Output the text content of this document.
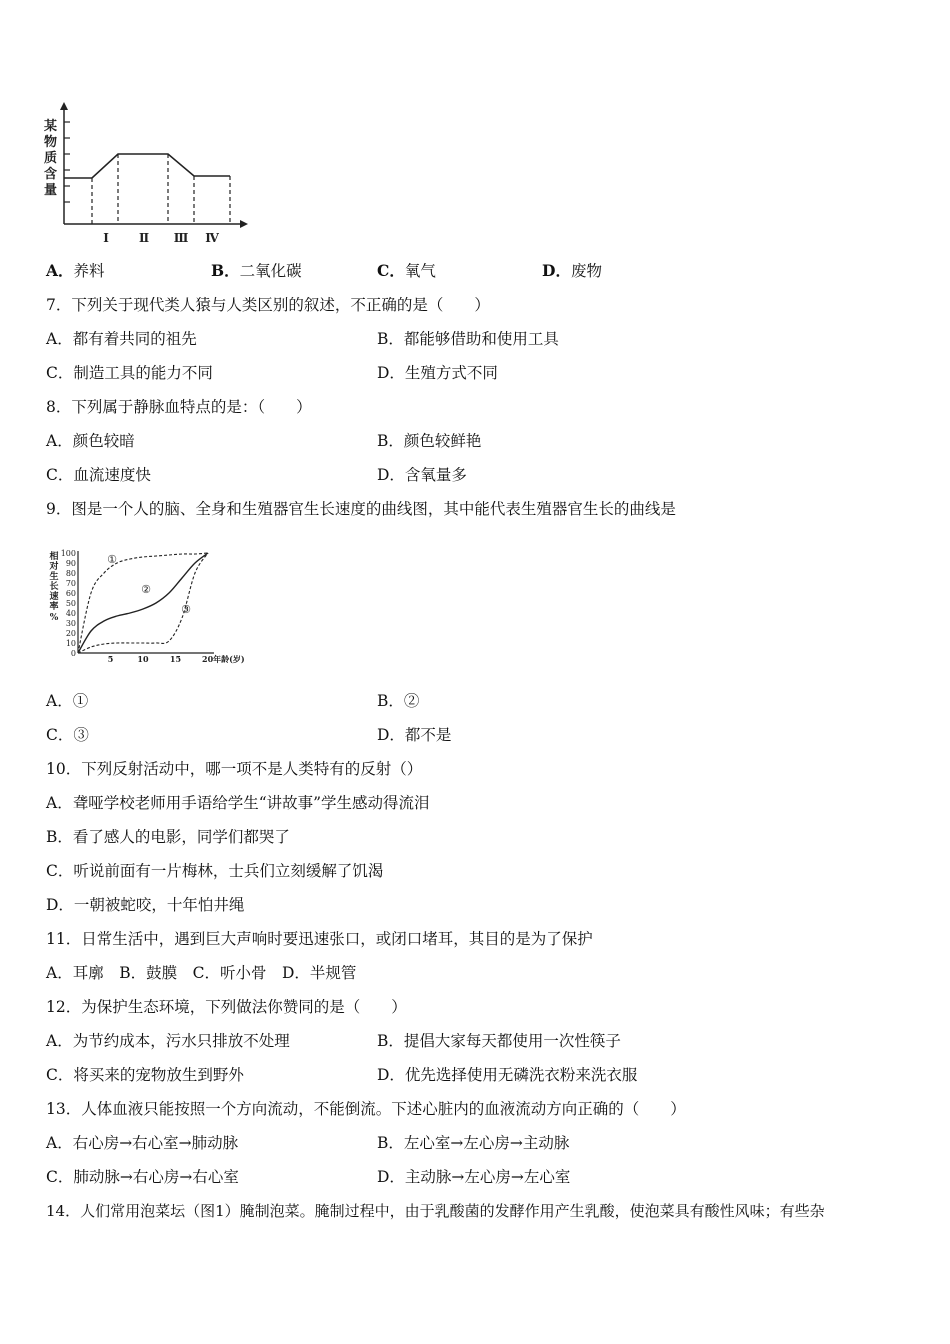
某
物
质
含
量
Ⅰ	Ⅱ Ⅲ Ⅳ
A．养料	B．二氧化碳	C．氧气	D．废物
7．下列关于现代类人猿与人类区别的叙述，不正确的是（　　）
A．都有着共同的祖先	B．都能够借助和使用工具
C．制造工具的能力不同	D．生殖方式不同
8．下列属于静脉血特点的是：（　　）
A．颜色较暗	B．颜色较鲜艳
C．血流速度快	D．含氧量多
9．图是一个人的脑、全身和生殖器官生长速度的曲线图，其中能代表生殖器官生长的曲线是
相
对
生
长
速
率
%
100
90
80
70
60
50
40
30
20
10
0
5	10	15	20年龄(岁)
①
②
③
A．①	B．②
C．③	D．都不是
10．下列反射活动中，哪一项不是人类特有的反射（）
A．聋哑学校老师用手语给学生“讲故事”学生感动得流泪
B．看了感人的电影，同学们都哭了
C．听说前面有一片梅林，士兵们立刻缓解了饥渴
D．一朝被蛇咬，十年怕井绳
11．日常生活中，遇到巨大声响时要迅速张口，或闭口堵耳，其目的是为了保护
A．耳廓　B．鼓膜　C．听小骨　D．半规管
12．为保护生态环境，下列做法你赞同的是（　　）
A．为节约成本，污水只排放不处理	B．提倡大家每天都使用一次性筷子
C．将买来的宠物放生到野外	D．优先选择使用无磷洗衣粉来洗衣服
13．人体血液只能按照一个方向流动，不能倒流。下述心脏内的血液流动方向正确的（　　）
A．右心房→右心室→肺动脉	B．左心室→左心房→主动脉
C．肺动脉→右心房→右心室	D．主动脉→左心房→左心室
14．人们常用泡菜坛（图1）腌制泡菜。腌制过程中，由于乳酸菌的发酵作用产生乳酸，使泡菜具有酸性风味；有些杂
